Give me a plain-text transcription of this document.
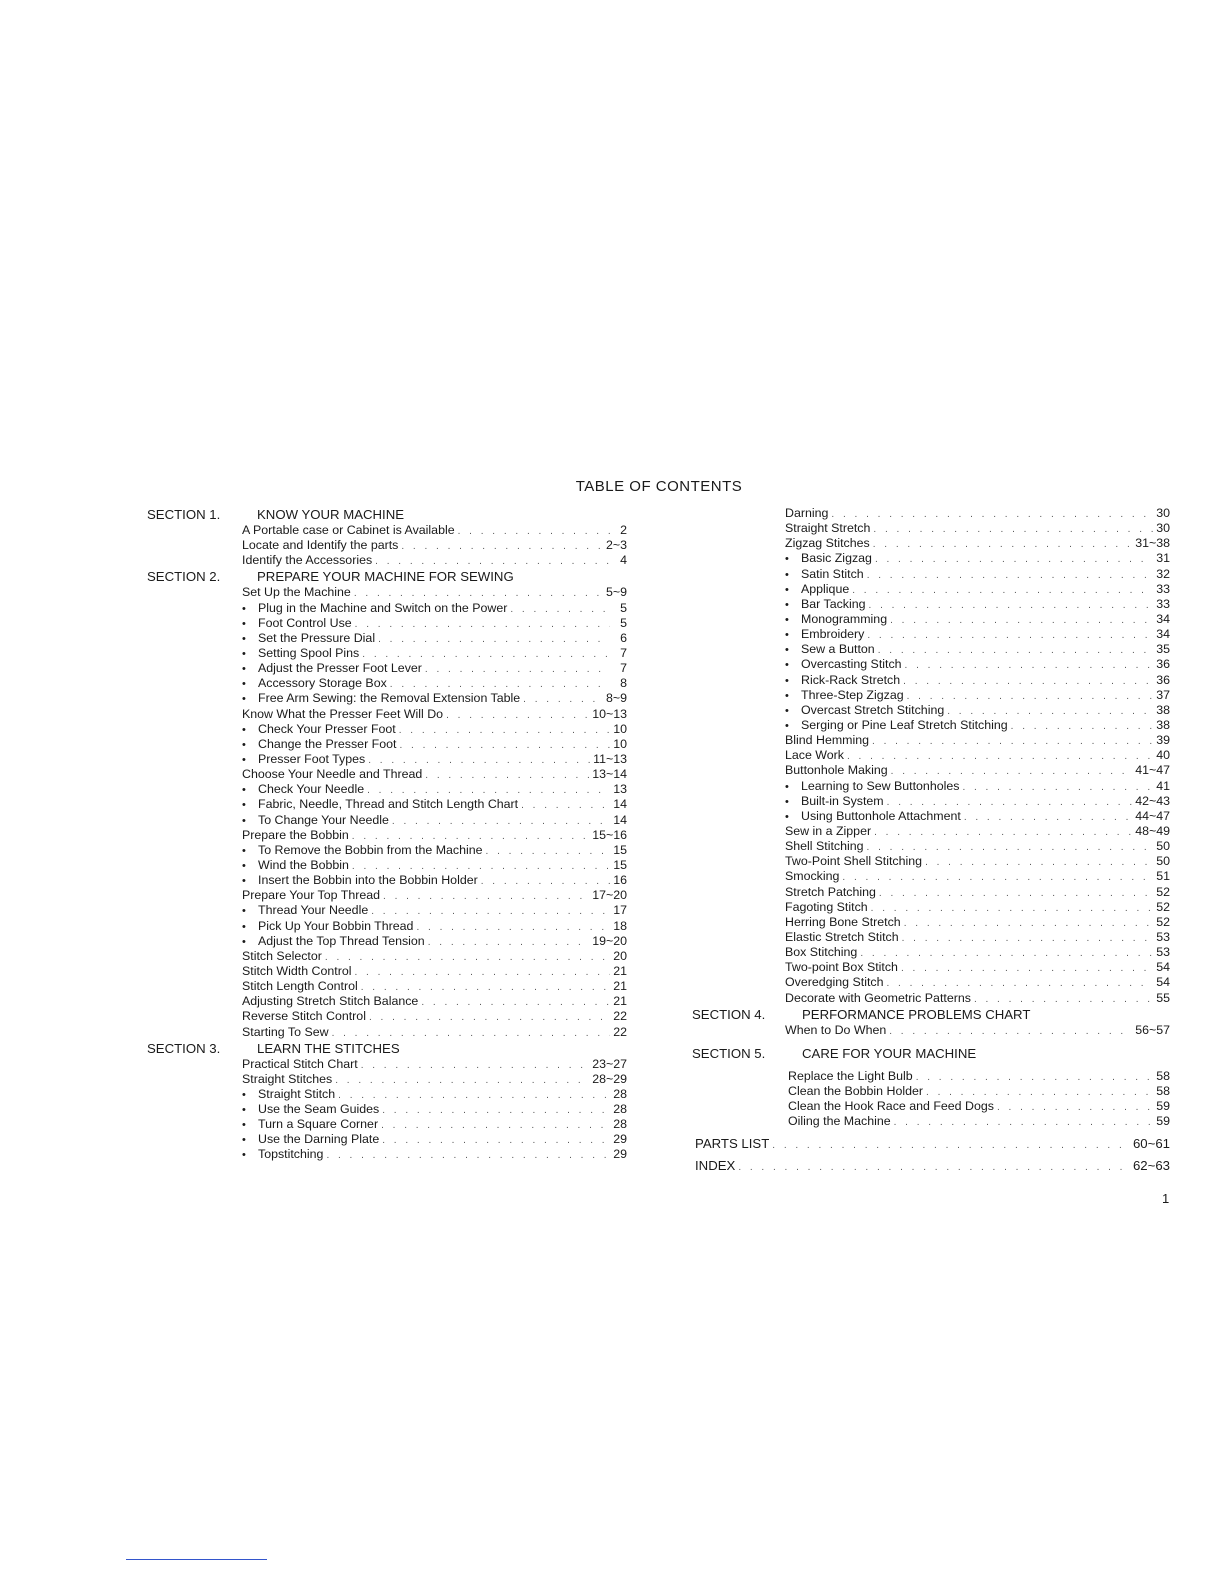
TABLE OF CONTENTS
SECTION 1.	KNOW YOUR MACHINE
A Portable case or Cabinet is Available . . .	2
Locate and Identify the parts . . .	2~3
Identify the Accessories . . .	4
SECTION 2.	PREPARE YOUR MACHINE FOR SEWING
Set Up the Machine . . .	5~9
•Plug in the Machine and Switch on the Power . . .	5
•Foot Control Use . . .	5
•Set the Pressure Dial . . .	6
•Setting Spool Pins . . .	7
•Adjust the Presser Foot Lever . . .	7
•Accessory Storage Box . . .	8
•Free Arm Sewing: the Removal Extension Table . . .	8~9
Know What the Presser Feet Will Do . . .	10~13
•Check Your Presser Foot . . .	10
•Change the Presser Foot . . .	10
•Presser Foot Types . . .	11~13
Choose Your Needle and Thread . . .	13~14
•Check Your Needle . . .	13
•Fabric, Needle, Thread and Stitch Length Chart . . .	14
•To Change Your Needle . . .	14
Prepare the Bobbin . . .	15~16
•To Remove the Bobbin from the Machine . . .	15
•Wind the Bobbin . . .	15
•Insert the Bobbin into the Bobbin Holder . . .	16
Prepare Your Top Thread . . .	17~20
•Thread Your Needle . . .	17
•Pick Up Your Bobbin Thread . . .	18
•Adjust the Top Thread Tension . . .	19~20
Stitch Selector . . .	20
Stitch Width Control . . .	21
Stitch Length Control . . .	21
Adjusting Stretch Stitch Balance . . .	21
Reverse Stitch Control . . .	22
Starting To Sew . . .	22
SECTION 3.	LEARN THE STITCHES
Practical Stitch Chart . . .	23~27
Straight Stitches . . .	28~29
•Straight Stitch . . .	28
•Use the Seam Guides . . .	28
•Turn a Square Corner . . .	28
•Use the Darning Plate . . .	29
•Topstitching . . .	29
Darning . . .	30
Straight Stretch . . .	30
Zigzag Stitches . . .	31~38
•Basic Zigzag . . .	31
•Satin Stitch . . .	32
•Applique . . .	33
•Bar Tacking . . .	33
•Monogramming . . .	34
•Embroidery . . .	34
•Sew a Button . . .	35
•Overcasting Stitch . . .	36
•Rick-Rack Stretch . . .	36
•Three-Step Zigzag . . .	37
•Overcast Stretch Stitching . . .	38
•Serging or Pine Leaf Stretch Stitching . . .	38
Blind Hemming . . .	39
Lace Work . . .	40
Buttonhole Making . . .	41~47
•Learning to Sew Buttonholes . . .	41
•Built-in System . . .	42~43
•Using Buttonhole Attachment . . .	44~47
Sew in a Zipper . . .	48~49
Shell Stitching . . .	50
Two-Point Shell Stitching . . .	50
Smocking . . .	51
Stretch Patching . . .	52
Fagoting Stitch . . .	52
Herring Bone Stretch . . .	52
Elastic Stretch Stitch . . .	53
Box Stitching . . .	53
Two-point Box Stitch . . .	54
Overedging Stitch . . .	54
Decorate with Geometric Patterns . . .	55
SECTION 4.	PERFORMANCE PROBLEMS CHART
When to Do When . . .	56~57
SECTION 5.	CARE FOR YOUR MACHINE
Replace the Light Bulb . . .	58
Clean the Bobbin Holder . . .	58
Clean the Hook Race and Feed Dogs . . .	59
Oiling the Machine . . .	59
PARTS LIST . . .	60~61
INDEX . . .	62~63
1
